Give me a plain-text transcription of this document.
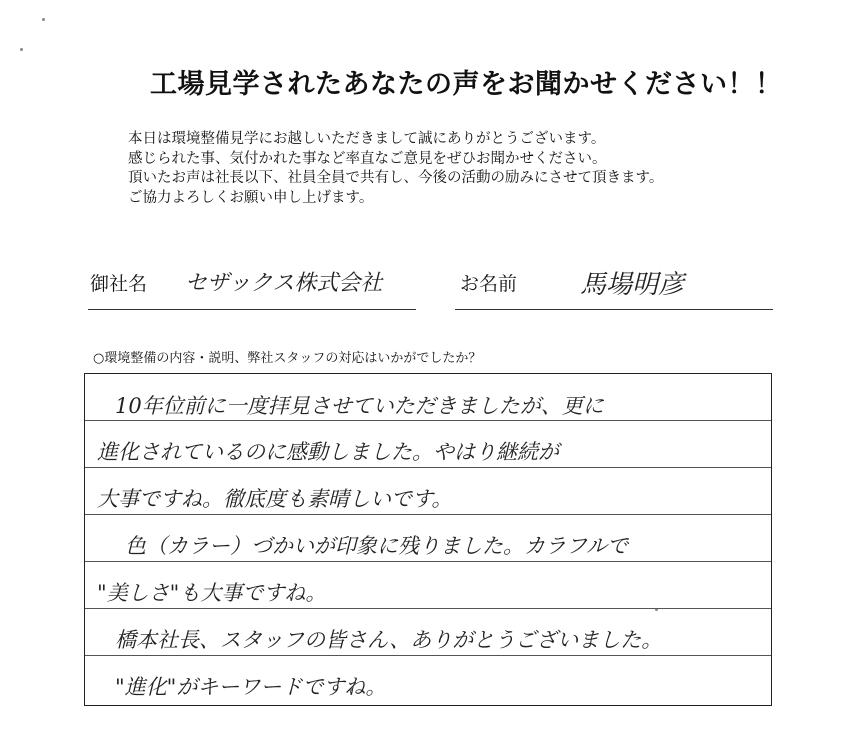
工場見学されたあなたの声をお聞かせください！！
本日は環境整備見学にお越しいただきまして誠にありがとうございます。
感じられた事、気付かれた事など率直なご意見をぜひお聞かせください。
頂いたお声は社長以下、社員全員で共有し、今後の活動の励みにさせて頂きます。
ご協力よろしくお願い申し上げます。
御社名 セザックス株式会社	お名前 馬場明彦
○環境整備の内容・説明、弊社スタッフの対応はいかがでしたか？
10年位前に一度拝見させていただきましたが、更に
進化されているのに感動しました。やはり継続が
大事ですね。徹底度も素晴しいです。
色（カラー）づかいが印象に残りました。カラフルで
"美しさ"も大事ですね。
橋本社長、スタッフの皆さん、ありがとうございました。
"進化"がキーワードですね。
